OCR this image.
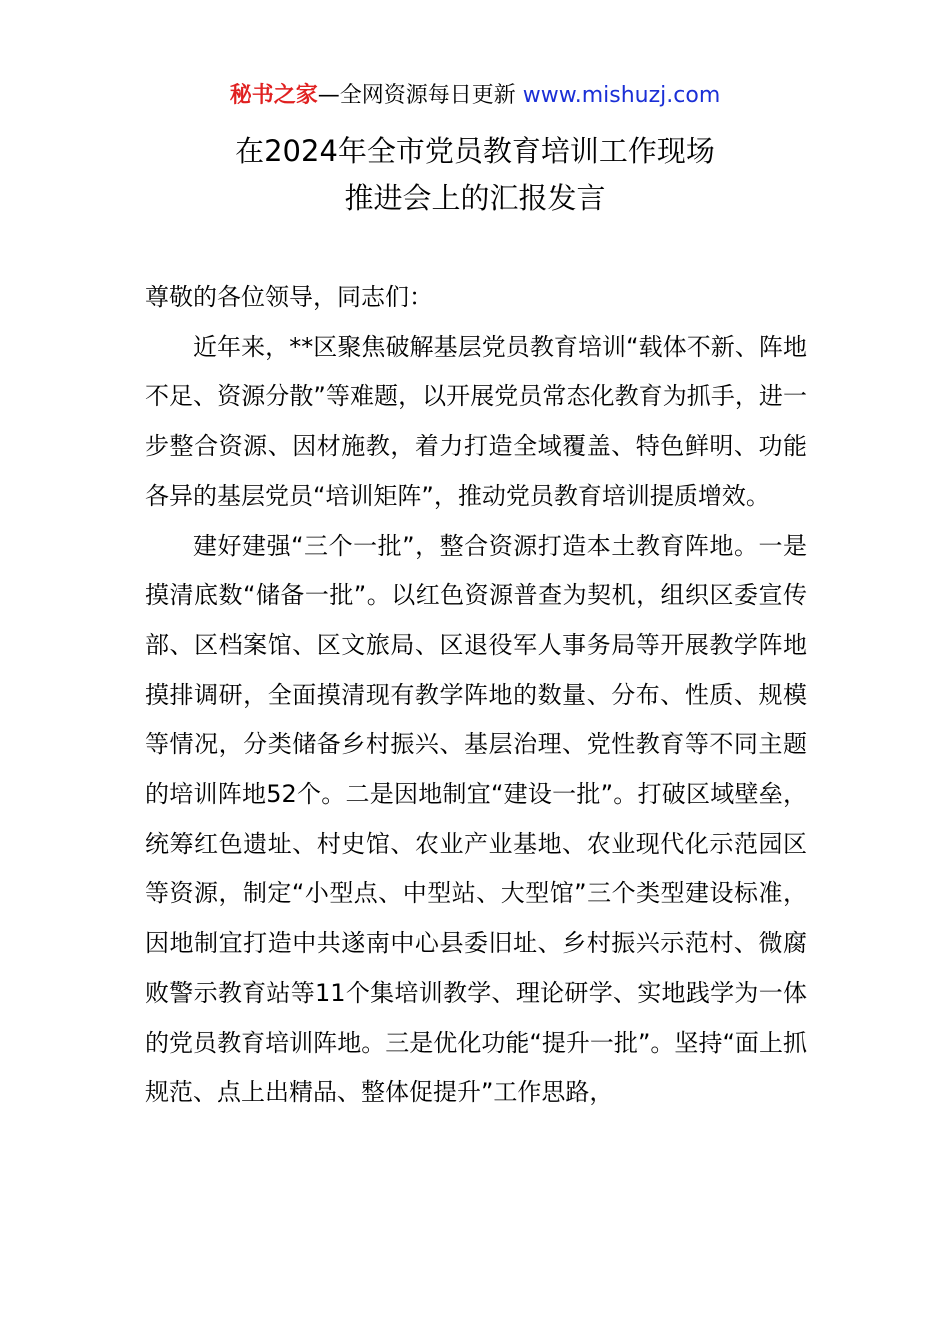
秘书之家—全网资源每日更新 www.mishuzj.com
在2024年全市党员教育培训工作现场
推进会上的汇报发言

尊敬的各位领导，同志们：

近年来，**区聚焦破解基层党员教育培训“载体不新、阵地不足、资源分散”等难题，以开展党员常态化教育为抓手，进一步整合资源、因材施教，着力打造全域覆盖、特色鲜明、功能各异的基层党员“培训矩阵”，推动党员教育培训提质增效。

建好建强“三个一批”，整合资源打造本土教育阵地。一是摸清底数“储备一批”。以红色资源普查为契机，组织区委宣传部、区档案馆、区文旅局、区退役军人事务局等开展教学阵地摸排调研，全面摸清现有教学阵地的数量、分布、性质、规模等情况，分类储备乡村振兴、基层治理、党性教育等不同主题的培训阵地52个。二是因地制宜“建设一批”。打破区域壁垒，统筹红色遗址、村史馆、农业产业基地、农业现代化示范园区等资源，制定“小型点、中型站、大型馆”三个类型建设标准，因地制宜打造中共遂南中心县委旧址、乡村振兴示范村、微腐败警示教育站等11个集培训教学、理论研学、实地践学为一体的党员教育培训阵地。三是优化功能“提升一批”。坚持“面上抓规范、点上出精品、整体促提升”工作思路，
